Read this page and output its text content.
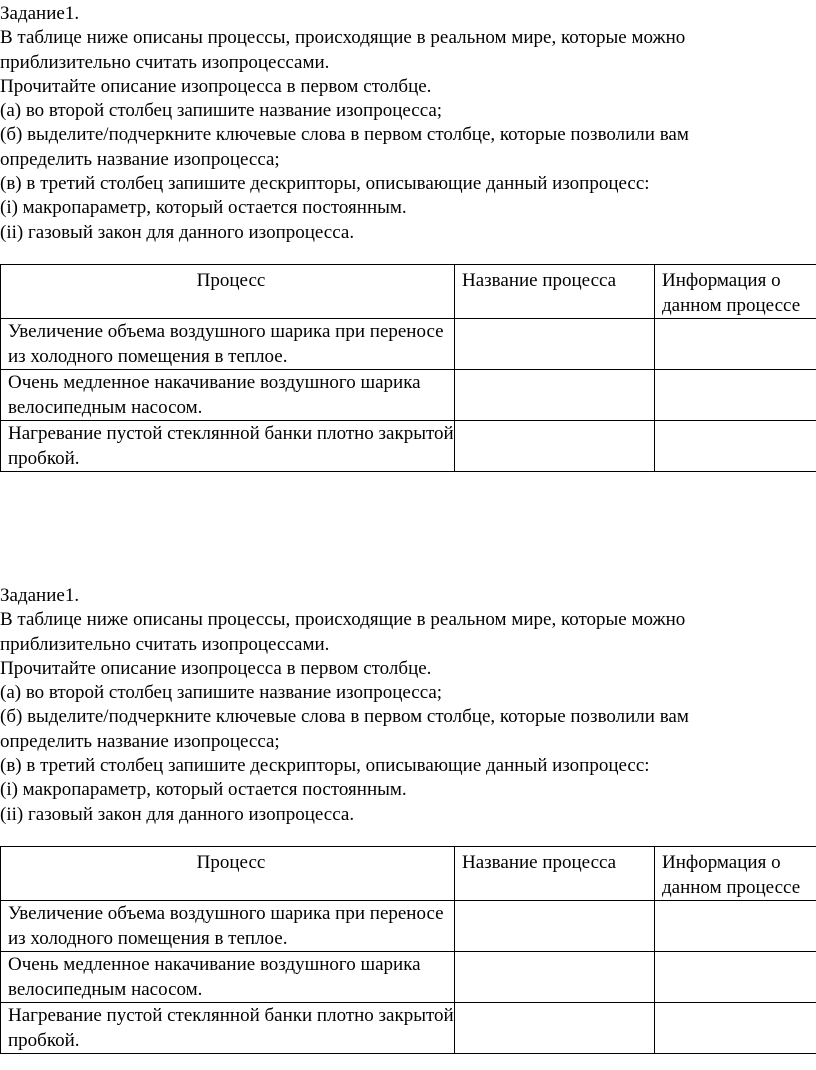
Задание1.

В таблице ниже описаны процессы, происходящие в реальном мире, которые можно

приблизительно считать изопроцессами.

Прочитайте описание изопроцесса в первом столбце.

(а) во второй столбец запишите название изопроцесса;

(б) выделите/подчеркните ключевые слова в первом столбце, которые позволили вам

определить название изопроцесса;

(в) в третий столбец запишите дескрипторы, описывающие данный изопроцесс:

(i) макропараметр, который остается постоянным.

(ii) газовый закон для данного изопроцесса.

Процесс	Название процесса	Информация о данном процессе
Увеличение объема воздушного шарика при переносе из холодного помещения в теплое.		
Очень медленное накачивание воздушного шарика велосипедным насосом.		
Нагревание пустой стеклянной банки плотно закрытой пробкой.		

Задание1.

В таблице ниже описаны процессы, происходящие в реальном мире, которые можно

приблизительно считать изопроцессами.

Прочитайте описание изопроцесса в первом столбце.

(а) во второй столбец запишите название изопроцесса;

(б) выделите/подчеркните ключевые слова в первом столбце, которые позволили вам

определить название изопроцесса;

(в) в третий столбец запишите дескрипторы, описывающие данный изопроцесс:

(i) макропараметр, который остается постоянным.

(ii) газовый закон для данного изопроцесса.

Процесс	Название процесса	Информация о данном процессе
Увеличение объема воздушного шарика при переносе из холодного помещения в теплое.		
Очень медленное накачивание воздушного шарика велосипедным насосом.		
Нагревание пустой стеклянной банки плотно закрытой пробкой.		
